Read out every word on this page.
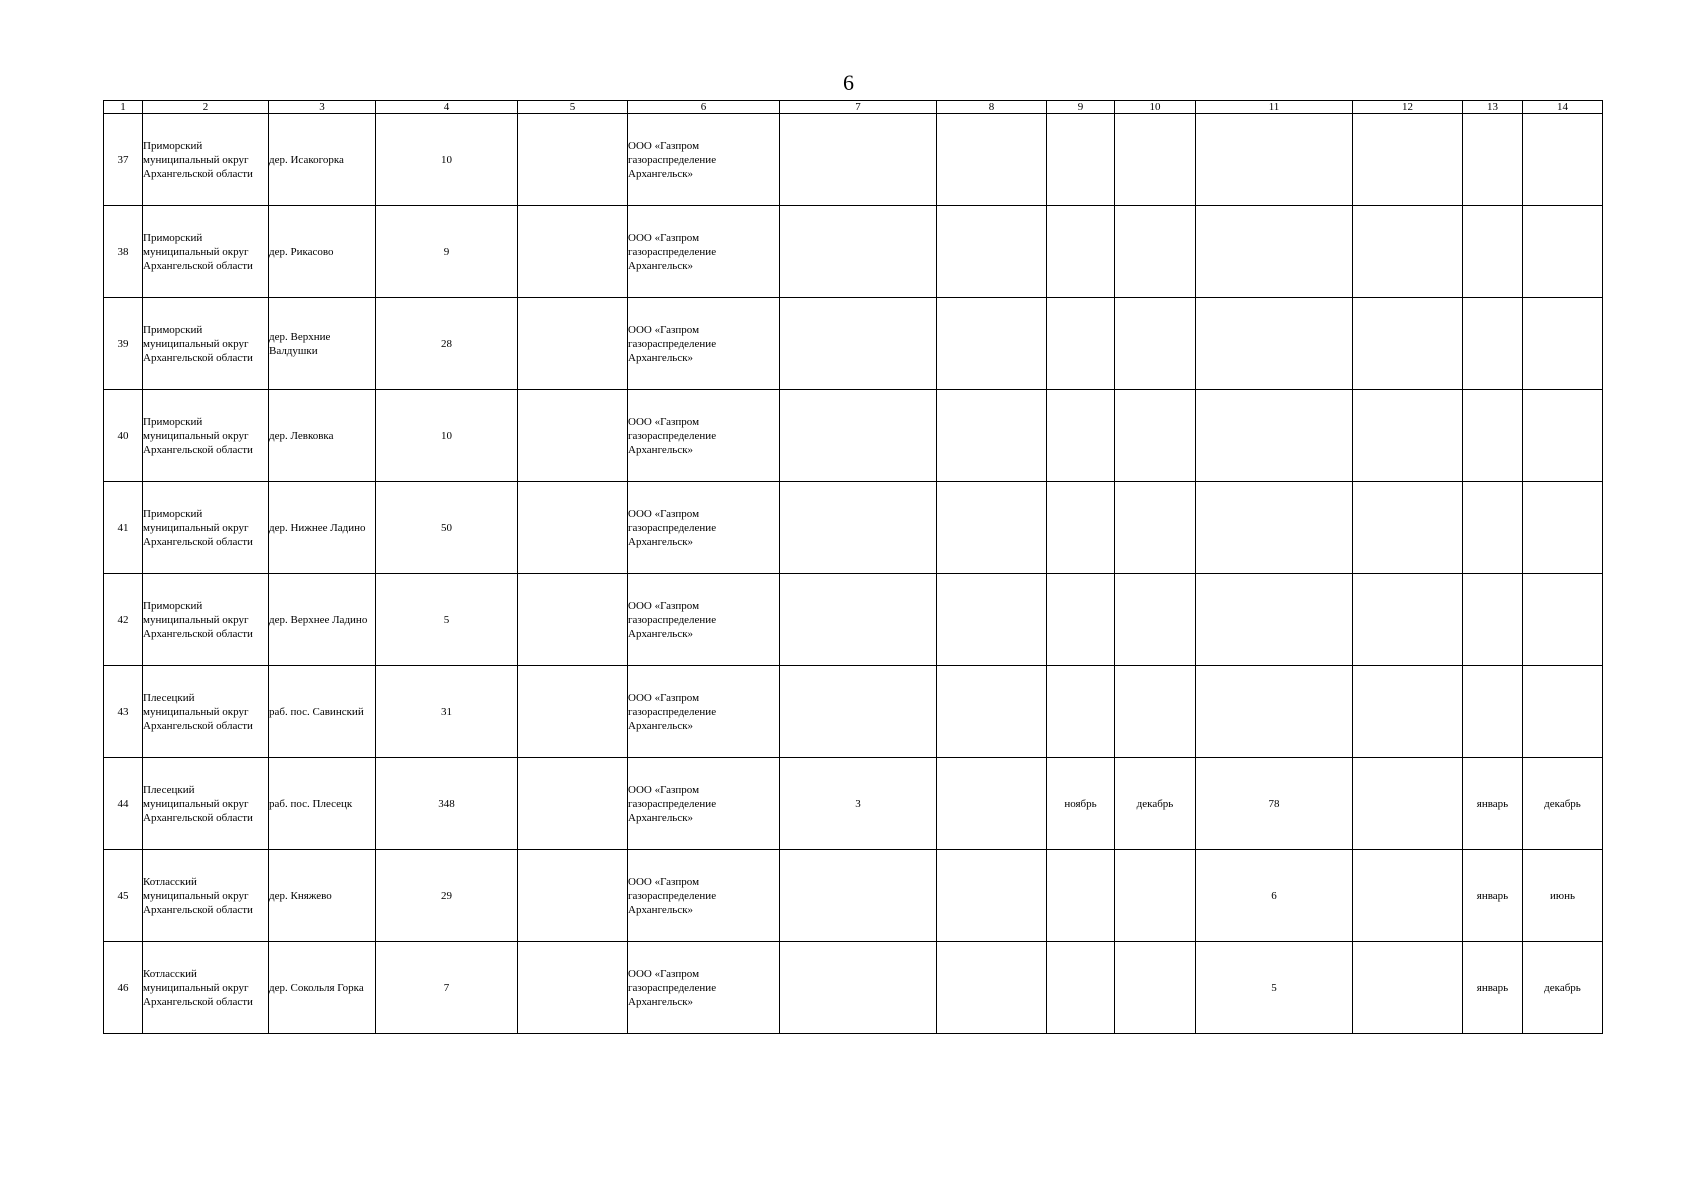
6
1	2	3	4	5	6	7	8	9	10	11	12	13	14
37	Приморский муниципальный округ Архангельской области	дер. Исакогорка	10		ООО «Газпром газораспределение Архангельск»								
38	Приморский муниципальный округ Архангельской области	дер. Рикасово	9		ООО «Газпром газораспределение Архангельск»								
39	Приморский муниципальный округ Архангельской области	дер. Верхние Валдушки	28		ООО «Газпром газораспределение Архангельск»								
40	Приморский муниципальный округ Архангельской области	дер. Левковка	10		ООО «Газпром газораспределение Архангельск»								
41	Приморский муниципальный округ Архангельской области	дер. Нижнее Ладино	50		ООО «Газпром газораспределение Архангельск»								
42	Приморский муниципальный округ Архангельской области	дер. Верхнее Ладино	5		ООО «Газпром газораспределение Архангельск»								
43	Плесецкий муниципальный округ Архангельской области	раб. пос. Савинский	31		ООО «Газпром газораспределение Архангельск»								
44	Плесецкий муниципальный округ Архангельской области	раб. пос. Плесецк	348		ООО «Газпром газораспределение Архангельск»	3		ноябрь	декабрь	78		январь	декабрь
45	Котласский муниципальный округ Архангельской области	дер. Княжево	29		ООО «Газпром газораспределение Архангельск»					6		январь	июнь
46	Котласский муниципальный округ Архангельской области	дер. Сокольля Горка	7		ООО «Газпром газораспределение Архангельск»					5		январь	декабрь
